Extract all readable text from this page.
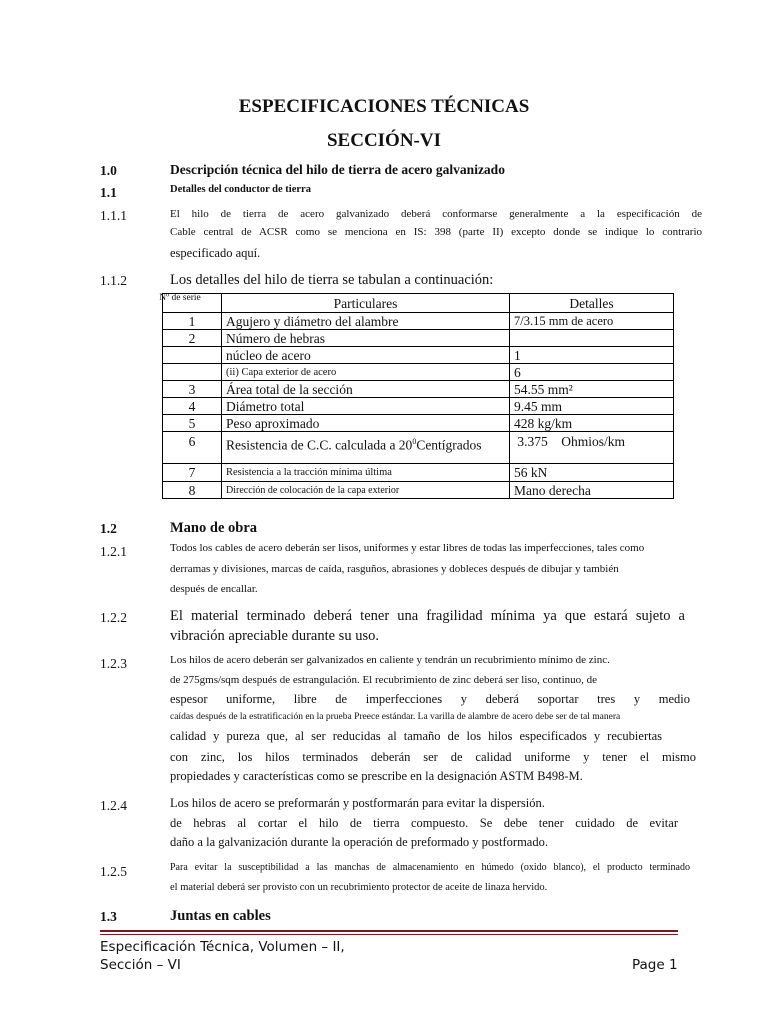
ESPECIFICACIONES TÉCNICAS
SECCIÓN-VI
1.0	Descripción técnica del hilo de tierra de acero galvanizado
1.1	Detalles del conductor de tierra
1.1.1	El hilo de tierra de acero galvanizado deberá conformarse generalmente a la especificación de
Cable central de ACSR como se menciona en IS: 398 (parte II) excepto donde se indique lo contrario
especificado aquí.
1.1.2	Los detalles del hilo de tierra se tabulan a continuación:
$^{Nº de serie}$	Particulares	Detalles
1	Agujero y diámetro del alambre	7/3.15 mm de acero
2	Número de hebras	
	núcleo de acero	1
	(ii) Capa exterior de acero	6
3	Área total de la sección	54.55 mm²
4	Diámetro total	9.45 mm
5	Peso aproximado	428 kg/km
6	Resistencia de C.C. calculada a $20^0Centígrados$	3.375 Ohmios/km
7	Resistencia a la tracción mínima última	56 kN
8	Dirección de colocación de la capa exterior	Mano derecha
1.2	Mano de obra
1.2.1	Todos los cables de acero deberán ser lisos, uniformes y estar libres de todas las imperfecciones, tales como
derramas y divisiones, marcas de caída, rasguños, abrasiones y dobleces después de dibujar y también
después de encallar.
1.2.2	El material terminado deberá tener una fragilidad mínima ya que estará sujeto a
vibración apreciable durante su uso.
1.2.3	Los hilos de acero deberán ser galvanizados en caliente y tendrán un recubrimiento mínimo de zinc.
de 275gms/sqm después de estrangulación. El recubrimiento de zinc deberá ser liso, continuo, de
espesor uniforme, libre de imperfecciones y deberá soportar tres y medio
caídas después de la estratificación en la prueba Preece estándar. La varilla de alambre de acero debe ser de tal manera
calidad y pureza que, al ser reducidas al tamaño de los hilos especificados y recubiertas
con zinc, los hilos terminados deberán ser de calidad uniforme y tener el mismo
propiedades y características como se prescribe en la designación ASTM B498-M.
1.2.4	Los hilos de acero se preformarán y postformarán para evitar la dispersión.
de hebras al cortar el hilo de tierra compuesto. Se debe tener cuidado de evitar
daño a la galvanización durante la operación de preformado y postformado.
1.2.5	Para evitar la susceptibilidad a las manchas de almacenamiento en húmedo (oxido blanco), el producto terminado
el material deberá ser provisto con un recubrimiento protector de aceite de linaza hervido.
1.3	Juntas en cables
Especificación Técnica, Volumen – II,
Sección – VI	Page 1
